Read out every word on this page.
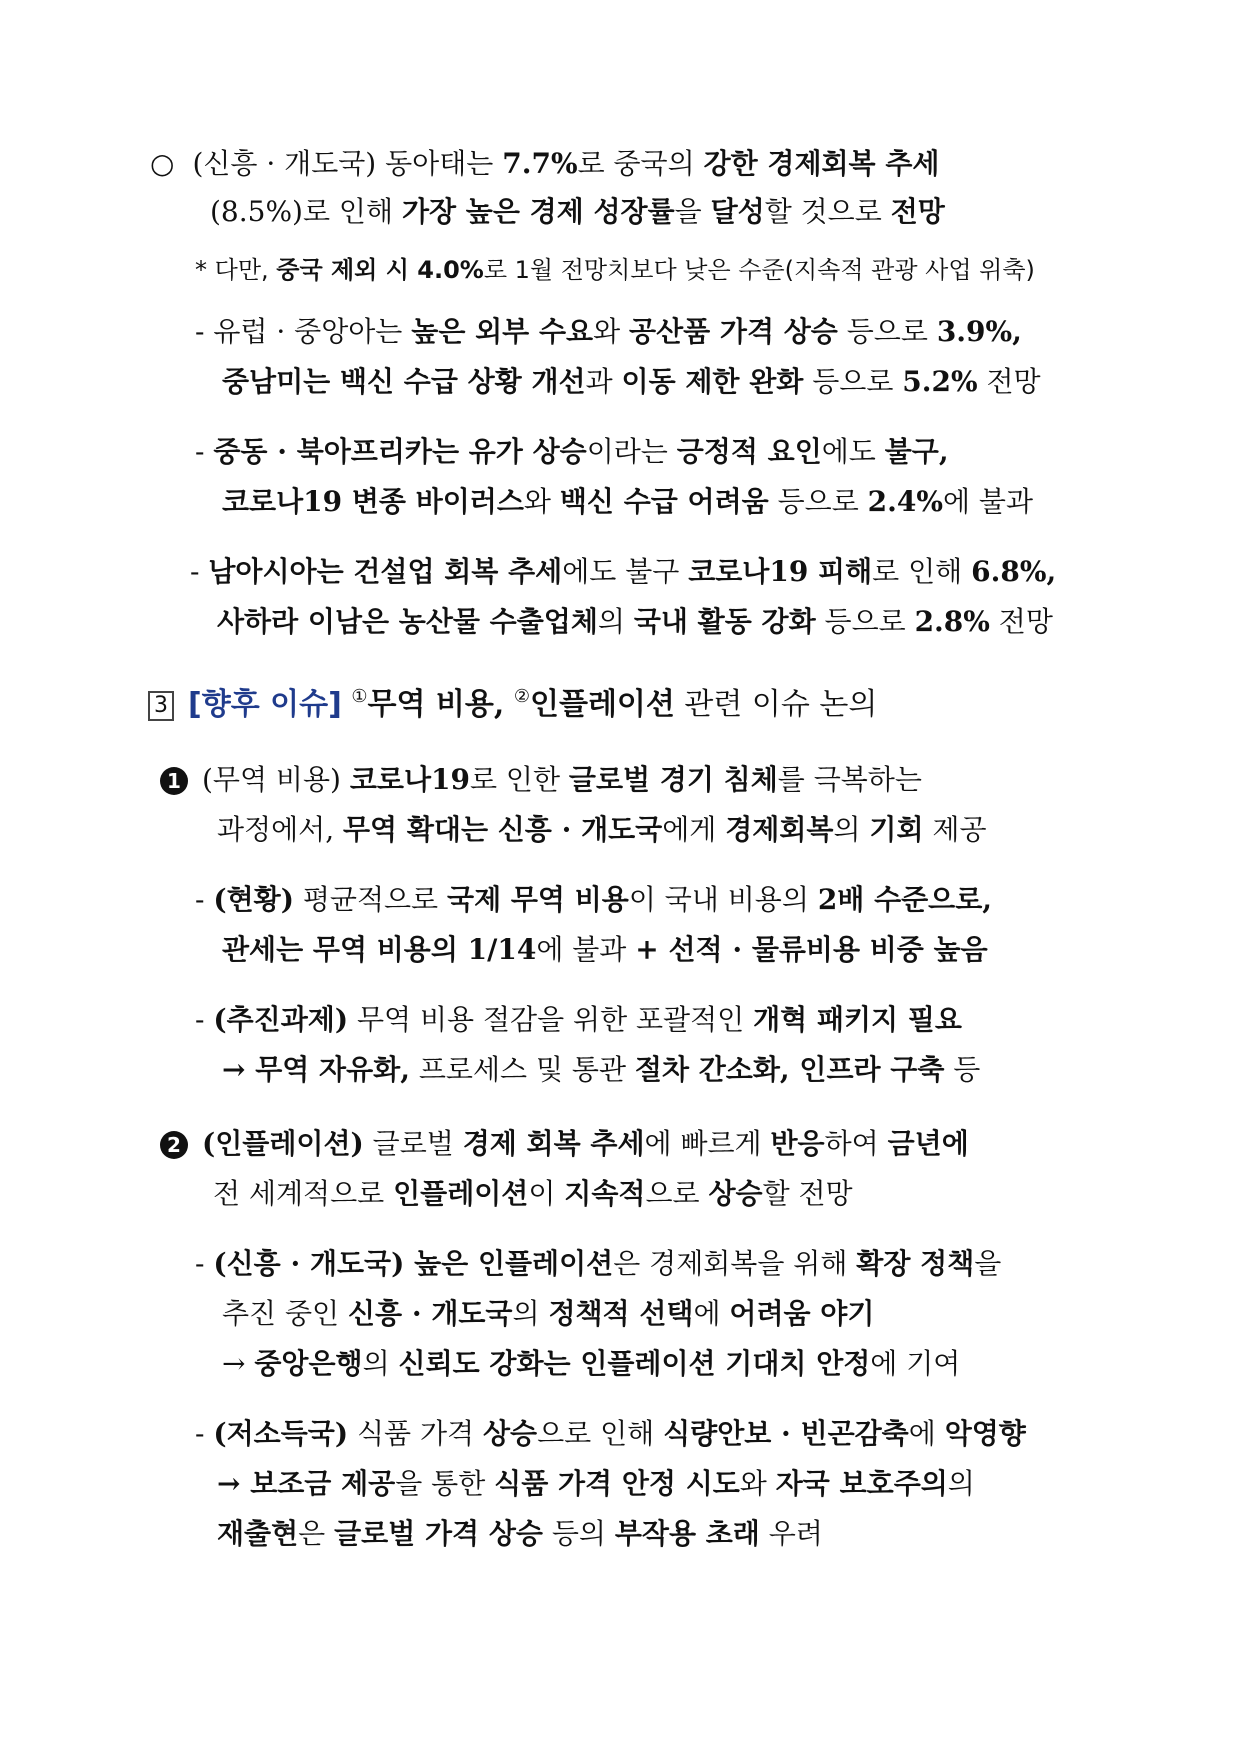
○ (신흥 · 개도국) 동아태는 7.7%로 중국의 강한 경제회복 추세
(8.5%)로 인해 가장 높은 경제 성장률을 달성할 것으로 전망
* 다만, 중국 제외 시 4.0%로 1월 전망치보다 낮은 수준(지속적 관광 사업 위축)
- 유럽 · 중앙아는 높은 외부 수요와 공산품 가격 상승 등으로 3.9%,
중남미는 백신 수급 상황 개선과 이동 제한 완화 등으로 5.2% 전망
- 중동 · 북아프리카는 유가 상승이라는 긍정적 요인에도 불구,
코로나19 변종 바이러스와 백신 수급 어려움 등으로 2.4%에 불과
- 남아시아는 건설업 회복 추세에도 불구 코로나19 피해로 인해 6.8%,
사하라 이남은 농산물 수출업체의 국내 활동 강화 등으로 2.8% 전망
3 [향후 이슈] ①무역 비용, ②인플레이션 관련 이슈 논의
1 (무역 비용) 코로나19로 인한 글로벌 경기 침체를 극복하는
과정에서, 무역 확대는 신흥 · 개도국에게 경제회복의 기회 제공
- (현황) 평균적으로 국제 무역 비용이 국내 비용의 2배 수준으로,
관세는 무역 비용의 1/14에 불과 + 선적 · 물류비용 비중 높음
- (추진과제) 무역 비용 절감을 위한 포괄적인 개혁 패키지 필요
→ 무역 자유화, 프로세스 및 통관 절차 간소화, 인프라 구축 등
2 (인플레이션) 글로벌 경제 회복 추세에 빠르게 반응하여 금년에
전 세계적으로 인플레이션이 지속적으로 상승할 전망
- (신흥 · 개도국) 높은 인플레이션은 경제회복을 위해 확장 정책을
추진 중인 신흥 · 개도국의 정책적 선택에 어려움 야기
→ 중앙은행의 신뢰도 강화는 인플레이션 기대치 안정에 기여
- (저소득국) 식품 가격 상승으로 인해 식량안보 · 빈곤감축에 악영향
→ 보조금 제공을 통한 식품 가격 안정 시도와 자국 보호주의의
재출현은 글로벌 가격 상승 등의 부작용 초래 우려
